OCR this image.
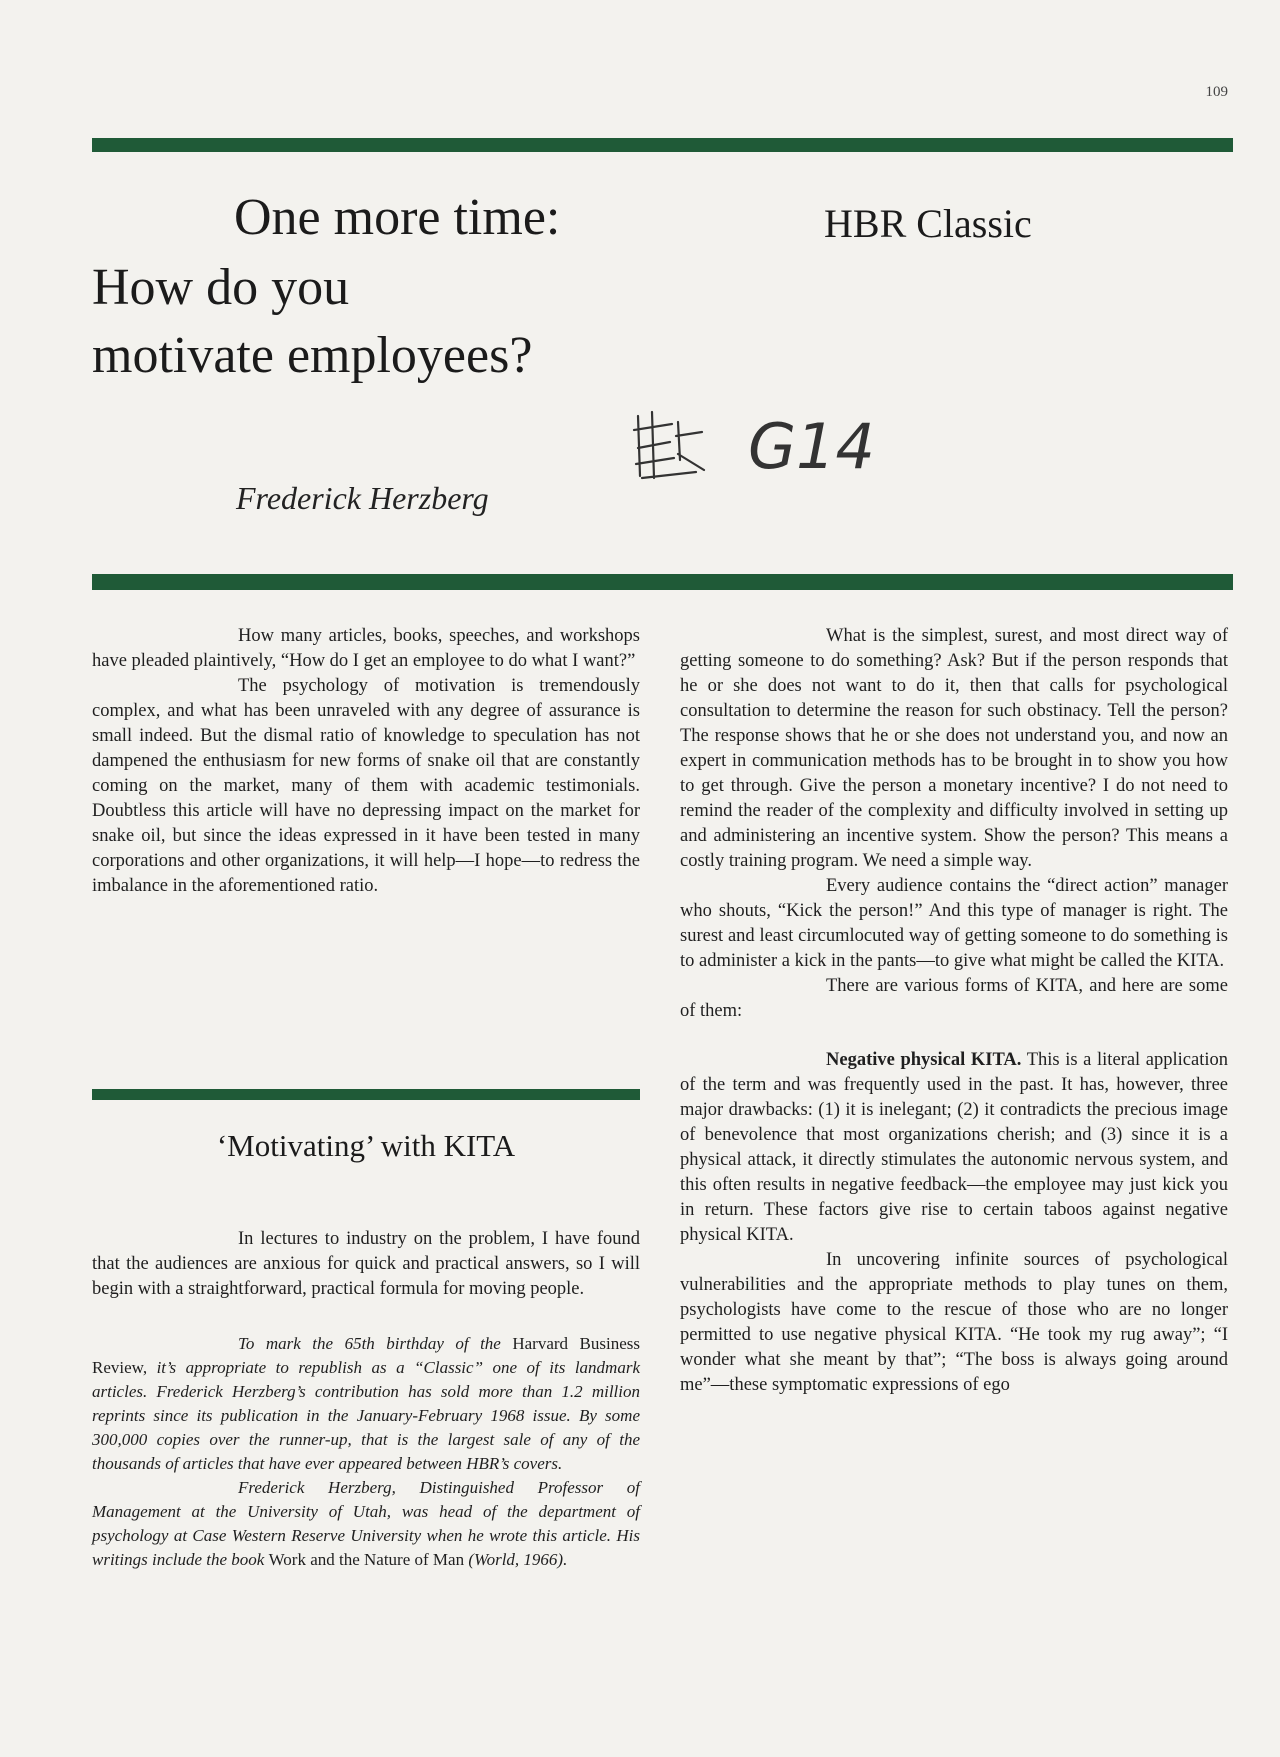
109
One more time:
How do you
motivate employees?
HBR Classic
G14
Frederick Herzberg

How many articles, books, speeches, and workshops have pleaded plaintively, “How do I get an employee to do what I want?”

The psychology of motivation is tremendously complex, and what has been unraveled with any degree of assurance is small indeed. But the dismal ratio of knowledge to speculation has not dampened the enthusiasm for new forms of snake oil that are constantly coming on the market, many of them with academic testimonials. Doubtless this article will have no depressing impact on the market for snake oil, but since the ideas expressed in it have been tested in many corporations and other organizations, it will help—I hope—to redress the imbalance in the aforementioned ratio.

‘Motivating’ with KITA

In lectures to industry on the problem, I have found that the audiences are anxious for quick and practical answers, so I will begin with a straightforward, practical formula for moving people.

To mark the 65th birthday of the Harvard Business Review, it’s appropriate to republish as a “Classic” one of its landmark articles. Frederick Herzberg’s contribution has sold more than 1.2 million reprints since its publication in the January-February 1968 issue. By some 300,000 copies over the runner-up, that is the largest sale of any of the thousands of articles that have ever appeared between HBR’s covers.

Frederick Herzberg, Distinguished Professor of Management at the University of Utah, was head of the department of psychology at Case Western Reserve University when he wrote this article. His writings include the book Work and the Nature of Man (World, 1966).

What is the simplest, surest, and most direct way of getting someone to do something? Ask? But if the person responds that he or she does not want to do it, then that calls for psychological consultation to determine the reason for such obstinacy. Tell the person? The response shows that he or she does not understand you, and now an expert in communication methods has to be brought in to show you how to get through. Give the person a monetary incentive? I do not need to remind the reader of the complexity and difficulty involved in setting up and administering an incentive system. Show the person? This means a costly training program. We need a simple way.

Every audience contains the “direct action” manager who shouts, “Kick the person!” And this type of manager is right. The surest and least circumlocuted way of getting someone to do something is to administer a kick in the pants—to give what might be called the KITA.

There are various forms of KITA, and here are some of them:

Negative physical KITA. This is a literal application of the term and was frequently used in the past. It has, however, three major drawbacks: (1) it is inelegant; (2) it contradicts the precious image of benevolence that most organizations cherish; and (3) since it is a physical attack, it directly stimulates the autonomic nervous system, and this often results in negative feedback—the employee may just kick you in return. These factors give rise to certain taboos against negative physical KITA.

In uncovering infinite sources of psychological vulnerabilities and the appropriate methods to play tunes on them, psychologists have come to the rescue of those who are no longer permitted to use negative physical KITA. “He took my rug away”; “I wonder what she meant by that”; “The boss is always going around me”—these symptomatic expressions of ego
